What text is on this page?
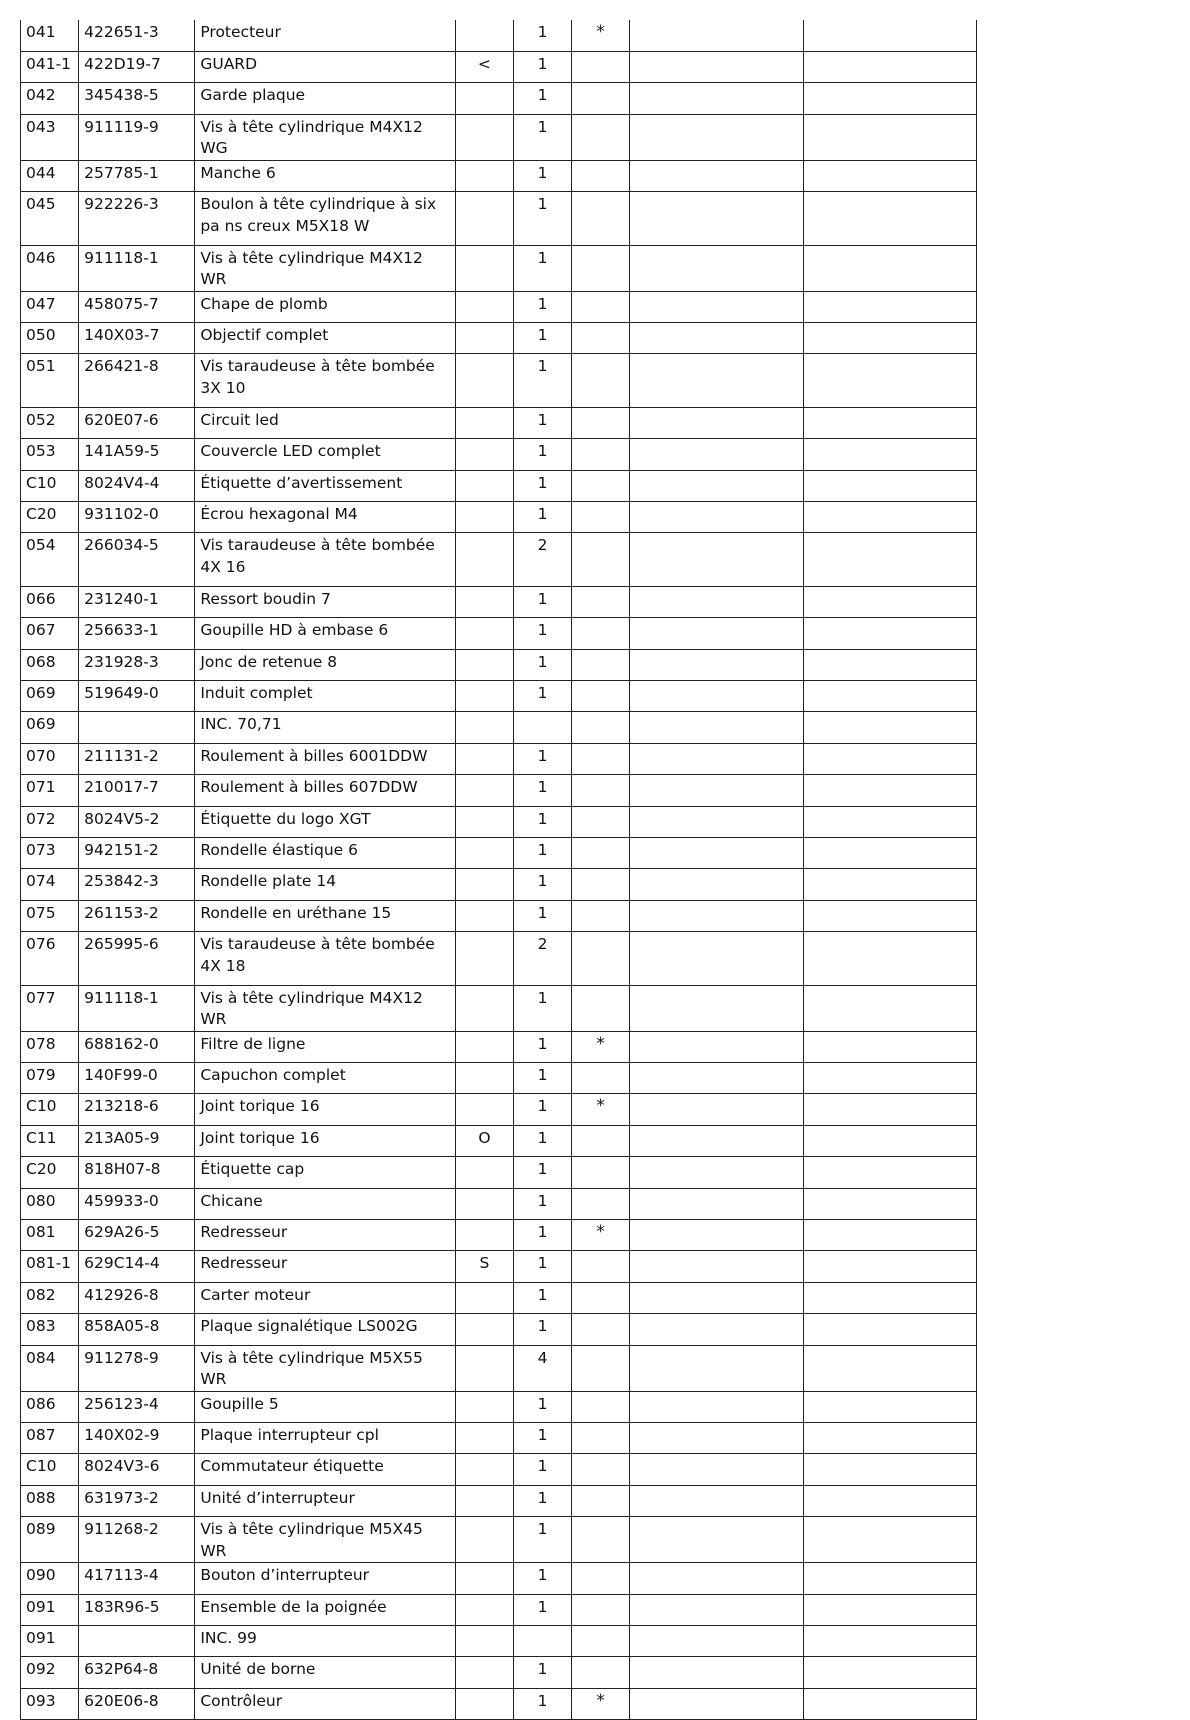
041	422651-3	Protecteur		1	*		
041-1	422D19-7	GUARD	<	1			
042	345438-5	Garde plaque		1			
043	911119-9	Vis à tête cylindrique M4X12 WG		1			
044	257785-1	Manche 6		1			
045	922226-3	Boulon à tête cylindrique à six pa ns creux M5X18 W		1			
046	911118-1	Vis à tête cylindrique M4X12 WR		1			
047	458075-7	Chape de plomb		1			
050	140X03-7	Objectif complet		1			
051	266421-8	Vis taraudeuse à tête bombée 3X 10		1			
052	620E07-6	Circuit led		1			
053	141A59-5	Couvercle LED complet		1			
C10	8024V4-4	Étiquette d’avertissement		1			
C20	931102-0	Écrou hexagonal M4		1			
054	266034-5	Vis taraudeuse à tête bombée 4X 16		2			
066	231240-1	Ressort boudin 7		1			
067	256633-1	Goupille HD à embase 6		1			
068	231928-3	Jonc de retenue 8		1			
069	519649-0	Induit complet		1			
069		INC. 70,71					
070	211131-2	Roulement à billes 6001DDW		1			
071	210017-7	Roulement à billes 607DDW		1			
072	8024V5-2	Étiquette du logo XGT		1			
073	942151-2	Rondelle élastique 6		1			
074	253842-3	Rondelle plate 14		1			
075	261153-2	Rondelle en uréthane 15		1			
076	265995-6	Vis taraudeuse à tête bombée 4X 18		2			
077	911118-1	Vis à tête cylindrique M4X12 WR		1			
078	688162-0	Filtre de ligne		1	*		
079	140F99-0	Capuchon complet		1			
C10	213218-6	Joint torique 16		1	*		
C11	213A05-9	Joint torique 16	O	1			
C20	818H07-8	Étiquette cap		1			
080	459933-0	Chicane		1			
081	629A26-5	Redresseur		1	*		
081-1	629C14-4	Redresseur	S	1			
082	412926-8	Carter moteur		1			
083	858A05-8	Plaque signalétique LS002G		1			
084	911278-9	Vis à tête cylindrique M5X55 WR		4			
086	256123-4	Goupille 5		1			
087	140X02-9	Plaque interrupteur cpl		1			
C10	8024V3-6	Commutateur étiquette		1			
088	631973-2	Unité d’interrupteur		1			
089	911268-2	Vis à tête cylindrique M5X45 WR		1			
090	417113-4	Bouton d’interrupteur		1			
091	183R96-5	Ensemble de la poignée		1			
091		INC. 99					
092	632P64-8	Unité de borne		1			
093	620E06-8	Contrôleur		1	*		
